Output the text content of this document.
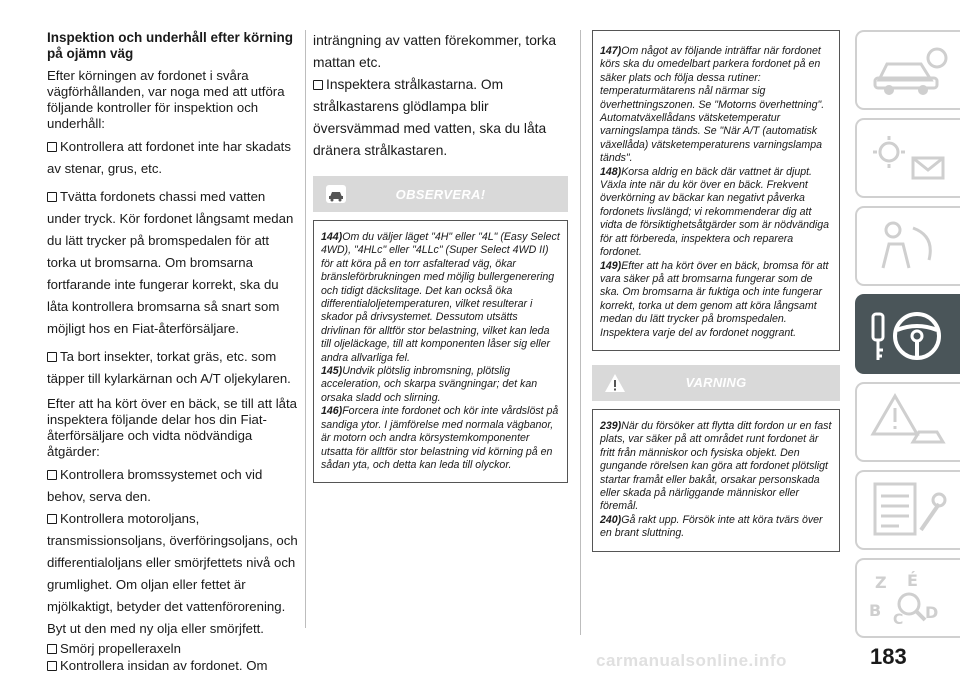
Inspektion och underhåll efter körning på ojämn väg

Efter körningen av fordonet i svåra vägförhållanden, var noga med att utföra följande kontroller för inspektion och underhåll:

Kontrollera att fordonet inte har skadats av stenar, grus, etc.
Tvätta fordonets chassi med vatten under tryck. Kör fordonet långsamt medan du lätt trycker på bromspedalen för att torka ut bromsarna. Om bromsarna fortfarande inte fungerar korrekt, ska du låta kontrollera bromsarna så snart som möjligt hos en Fiat-återförsäljare.
Ta bort insekter, torkat gräs, etc. som täpper till kylarkärnan och A/T oljekylaren.

Efter att ha kört över en bäck, se till att låta inspektera följande delar hos din Fiat-återförsäljare och vidta nödvändiga åtgärder:

Kontrollera bromssystemet och vid behov, serva den.
Kontrollera motoroljans, transmissionsoljans, överföringsoljans, och differentialoljans eller smörjfettets nivå och grumlighet. Om oljan eller fettet är mjölkaktigt, betyder det vattenförorening. Byt ut den med ny olja eller smörjfett.
Smörj propelleraxeln
Kontrollera insidan av fordonet. Om

inträngning av vatten förekommer, torka mattan etc.

Inspektera strålkastarna. Om strålkastarens glödlampa blir översvämmad med vatten, ska du låta dränera strålkastaren.
OBSERVERA!

144)Om du väljer läget "4H" eller "4L" (Easy Select 4WD), "4HLc" eller "4LLc" (Super Select 4WD II) för att köra på en torr asfalterad väg, ökar bränsleförbrukningen med möjlig bullergenerering och tidigt däckslitage. Det kan också öka differentialoljetemperaturen, vilket resulterar i skador på drivsystemet. Dessutom utsätts drivlinan för alltför stor belastning, vilket kan leda till oljeläckage, till att komponenten låser sig eller andra allvarliga fel.

145)Undvik plötslig inbromsning, plötslig acceleration, och skarpa svängningar; det kan orsaka sladd och slirning.

146)Forcera inte fordonet och kör inte vårdslöst på sandiga ytor. I jämförelse med normala vägbanor, är motorn och andra körsystemkomponenter utsatta för alltför stor belastning vid körning på en sådan yta, och detta kan leda till olyckor.

147)Om något av följande inträffar när fordonet körs ska du omedelbart parkera fordonet på en säker plats och följa dessa rutiner: temperaturmätarens nål närmar sig överhettningszonen. Se "Motorns överhettning". Automatväxellådans vätsketemperatur varningslampa tänds. Se "När A/T (automatisk växellåda) vätsketemperaturens varningslampa tänds".

148)Korsa aldrig en bäck där vattnet är djupt. Växla inte när du kör över en bäck. Frekvent överkörning av bäckar kan negativt påverka fordonets livslängd; vi rekommenderar dig att vidta de försiktighetsåtgärder som är nödvändiga för att förbereda, inspektera och reparera fordonet.

149)Efter att ha kört över en bäck, bromsa för att vara säker på att bromsarna fungerar som de ska. Om bromsarna är fuktiga och inte fungerar korrekt, torka ut dem genom att köra långsamt medan du lätt trycker på bromspedalen. Inspektera varje del av fordonet noggrant.

VARNING

239)När du försöker att flytta ditt fordon ur en fast plats, var säker på att området runt fordonet är fritt från människor och fysiska objekt. Den gungande rörelsen kan göra att fordonet plötsligt startar framåt eller bakåt, orsakar personskada eller skada på närliggande människor eller föremål.

240)Gå rakt upp. Försök inte att köra tvärs över en brant sluttning.

Z É
B C D
183
carmanualsonline.info
